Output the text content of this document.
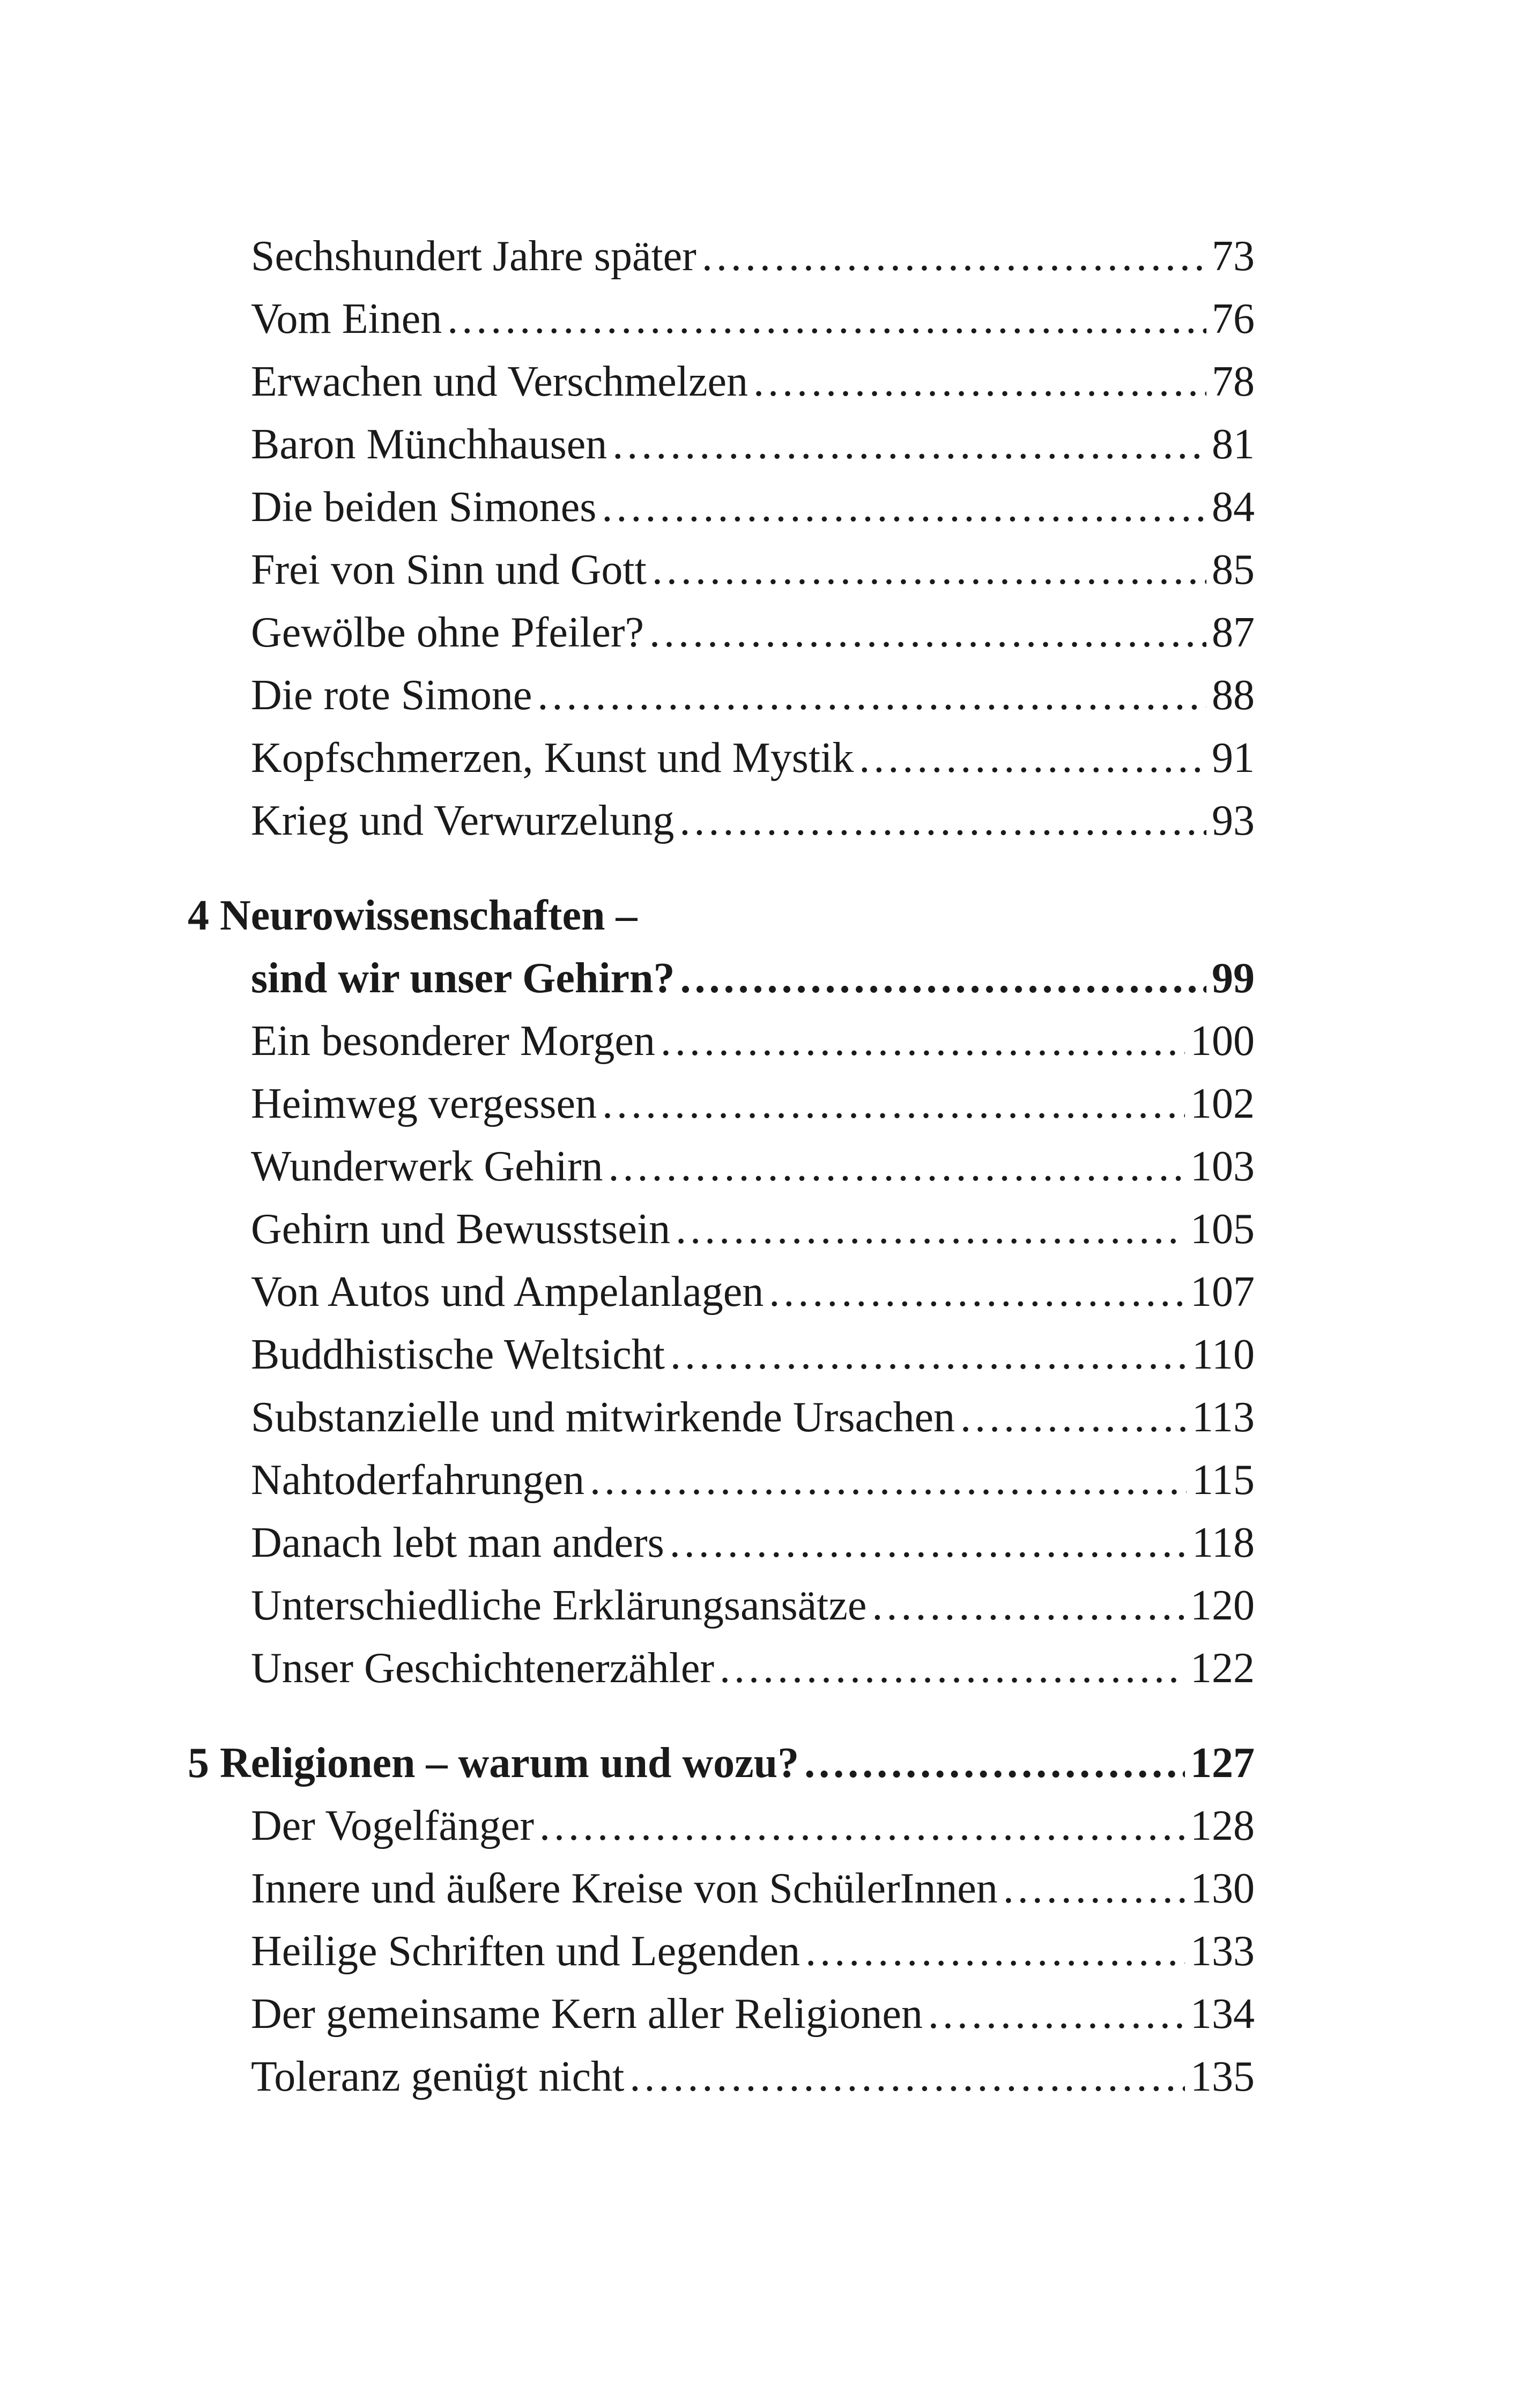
Sechshundert Jahre später .....	73
Vom Einen .....	76
Erwachen und Verschmelzen .....	78
Baron Münchhausen .....	81
Die beiden Simones .....	84
Frei von Sinn und Gott .....	85
Gewölbe ohne Pfeiler? .....	87
Die rote Simone .....	88
Kopfschmerzen, Kunst und Mystik .....	91
Krieg und Verwurzelung .....	93
4 Neurowissenschaften –
sind wir unser Gehirn? .....	99
Ein besonderer Morgen .....	100
Heimweg vergessen .....	102
Wunderwerk Gehirn .....	103
Gehirn und Bewusstsein .....	105
Von Autos und Ampelanlagen .....	107
Buddhistische Weltsicht .....	110
Substanzielle und mitwirkende Ursachen .....	113
Nahtoderfahrungen .....	115
Danach lebt man anders .....	118
Unterschiedliche Erklärungsansätze .....	120
Unser Geschichtenerzähler .....	122
5 Religionen – warum und wozu? .....	127
Der Vogelfänger .....	128
Innere und äußere Kreise von SchülerInnen .....	130
Heilige Schriften und Legenden .....	133
Der gemeinsame Kern aller Religionen .....	134
Toleranz genügt nicht .....	135
